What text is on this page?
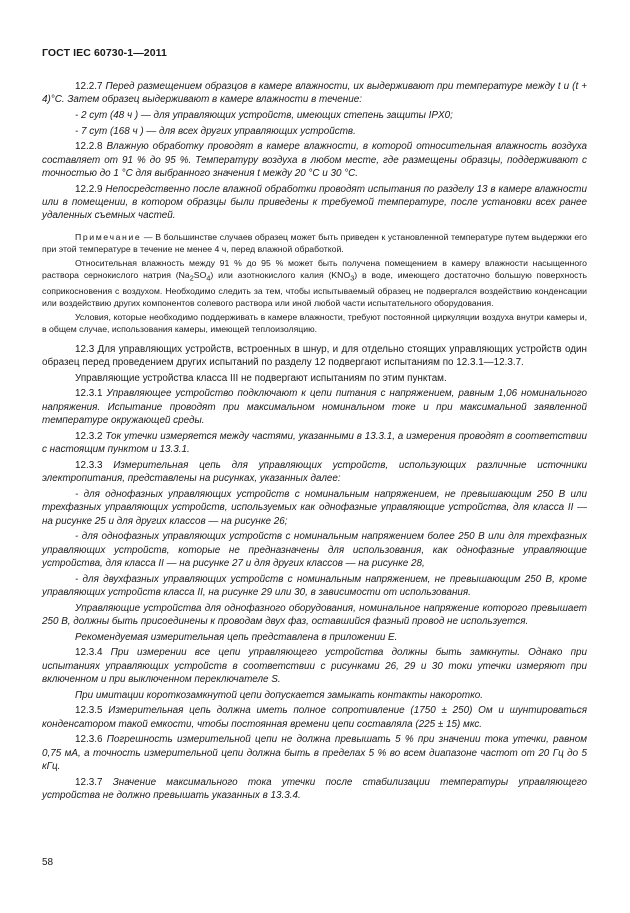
ГОСТ IEC 60730-1—2011

12.2.7 Перед размещением образцов в камере влажности, их выдерживают при температуре между t и (t + 4)°С. Затем образец выдерживают в камере влажности в течение:

- 2 сут (48 ч ) — для управляющих устройств, имеющих степень защиты IPX0;

- 7 сут (168 ч ) — для всех других управляющих устройств.

12.2.8 Влажную обработку проводят в камере влажности, в которой относительная влажность воздуха составляет от 91 % до 95 %. Температуру воздуха в любом месте, где размещены образцы, поддерживают с точностью до 1 °С для выбранного значения t между 20 °С и 30 °С.

12.2.9 Непосредственно после влажной обработки проводят испытания по разделу 13 в камере влажности или в помещении, в котором образцы были приведены к требуемой температуре, после установки всех ранее удаленных съемных частей.

Примечание — В большинстве случаев образец может быть приведен к установленной температуре путем выдержки его при этой температуре в течение не менее 4 ч, перед влажной обработкой.

Относительная влажность между 91 % до 95 % может быть получена помещением в камеру влажности насыщенного раствора сернокислого натрия $(Na_2SO_4)$ или азотнокислого калия $(KNO_3)$ в воде, имеющего достаточно большую поверхность соприкосновения с воздухом. Необходимо следить за тем, чтобы испытываемый образец не подвергался воздействию конденсации или воздействию других компонентов солевого раствора или иной любой части испытательного оборудования.

Условия, которые необходимо поддерживать в камере влажности, требуют постоянной циркуляции воздуха внутри камеры и, в общем случае, использования камеры, имеющей теплоизоляцию.

12.3 Для управляющих устройств, встроенных в шнур, и для отдельно стоящих управляющих устройств один образец перед проведением других испытаний по разделу 12 подвергают испытаниям по 12.3.1—12.3.7.

Управляющие устройства класса III не подвергают испытаниям по этим пунктам.

12.3.1 Управляющее устройство подключают к цепи питания с напряжением, равным 1,06 номинального напряжения. Испытание проводят при максимальном номинальном токе и при максимальной заявленной температуре окружающей среды.

12.3.2 Ток утечки измеряется между частями, указанными в 13.3.1, а измерения проводят в соответствии с настоящим пунктом и 13.3.1.

12.3.3 Измерительная цепь для управляющих устройств, использующих различные источники электропитания, представлены на рисунках, указанных далее:

- для однофазных управляющих устройств с номинальным напряжением, не превышающим 250 В или трехфазных управляющих устройств, используемых как однофазные управляющие устройства, для класса II — на рисунке 25 и для других классов — на рисунке 26;

- для однофазных управляющих устройств с номинальным напряжением более 250 В или для трехфазных управляющих устройств, которые не предназначены для использования, как однофазные управляющие устройства, для класса II — на рисунке 27 и для других классов — на рисунке 28,

- для двухфазных управляющих устройств с номинальным напряжением, не превышающим 250 В, кроме управляющих устройств класса II, на рисунке 29 или 30, в зависимости от использования.

Управляющие устройства для однофазного оборудования, номинальное напряжение которого превышает 250 В, должны быть присоединены к проводам двух фаз, оставшийся фазный провод не используется.

Рекомендуемая измерительная цепь представлена в приложении Е.

12.3.4 При измерении все цепи управляющего устройства должны быть замкнуты. Однако при испытаниях управляющих устройств в соответствии с рисунками 26, 29 и 30 токи утечки измеряют при включенном и при выключенном переключателе S.

При имитации короткозамкнутой цепи допускается замыкать контакты накоротко.

12.3.5 Измерительная цепь должна иметь полное сопротивление (1750 ± 250) Ом и шунтироваться конденсатором такой емкости, чтобы постоянная времени цепи составляла (225 ± 15) мкс.

12.3.6 Погрешность измерительной цепи не должна превышать 5 % при значении тока утечки, равном 0,75 мА, а точность измерительной цепи должна быть в пределах 5 % во всем диапазоне частот от 20 Гц до 5 кГц.

12.3.7 Значение максимального тока утечки после стабилизации температуры управляющего устройства не должно превышать указанных в 13.3.4.

58
